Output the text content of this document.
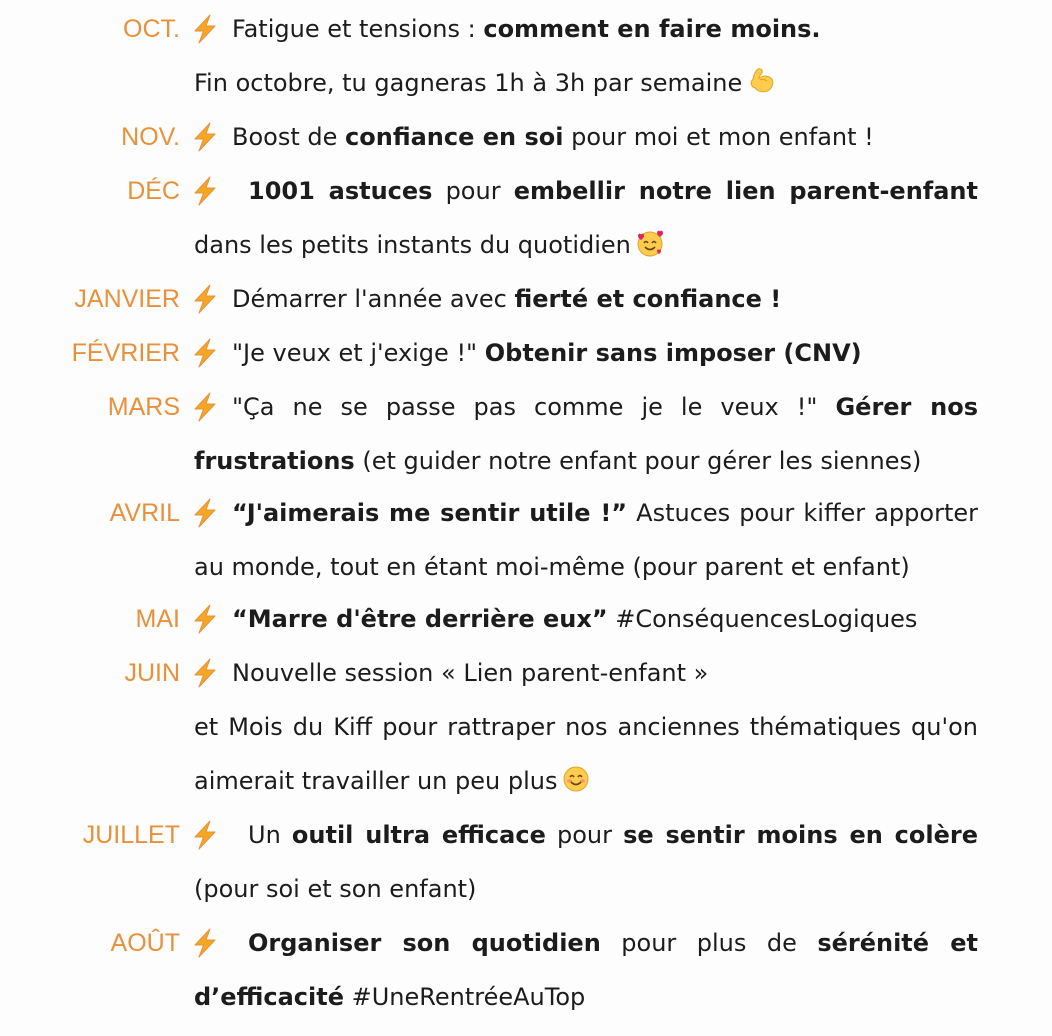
OCT.	Fatigue et tensions : comment en faire moins.
Fin octobre, tu gagneras 1h à 3h par semaine
NOV.	Boost de confiance en soi pour moi et mon enfant !
DÉC	1001 astuces pour embellir notre lien parent-enfant dans les petits instants du quotidien
JANVIER	Démarrer l'année avec fierté et confiance !
FÉVRIER	"Je veux et j'exige !" Obtenir sans imposer (CNV)
MARS	"Ça ne se passe pas comme je le veux !" Gérer nos frustrations (et guider notre enfant pour gérer les siennes)
AVRIL	“J'aimerais me sentir utile !” Astuces pour kiffer apporter au monde, tout en étant moi-même (pour parent et enfant)
MAI	“Marre d'être derrière eux” #ConséquencesLogiques
JUIN	Nouvelle session « Lien parent-enfant »
et Mois du Kiff pour rattraper nos anciennes thématiques qu'on aimerait travailler un peu plus
JUILLET	Un outil ultra efficace pour se sentir moins en colère (pour soi et son enfant)
AOÛT	Organiser son quotidien pour plus de sérénité et d’efficacité #UneRentréeAuTop
